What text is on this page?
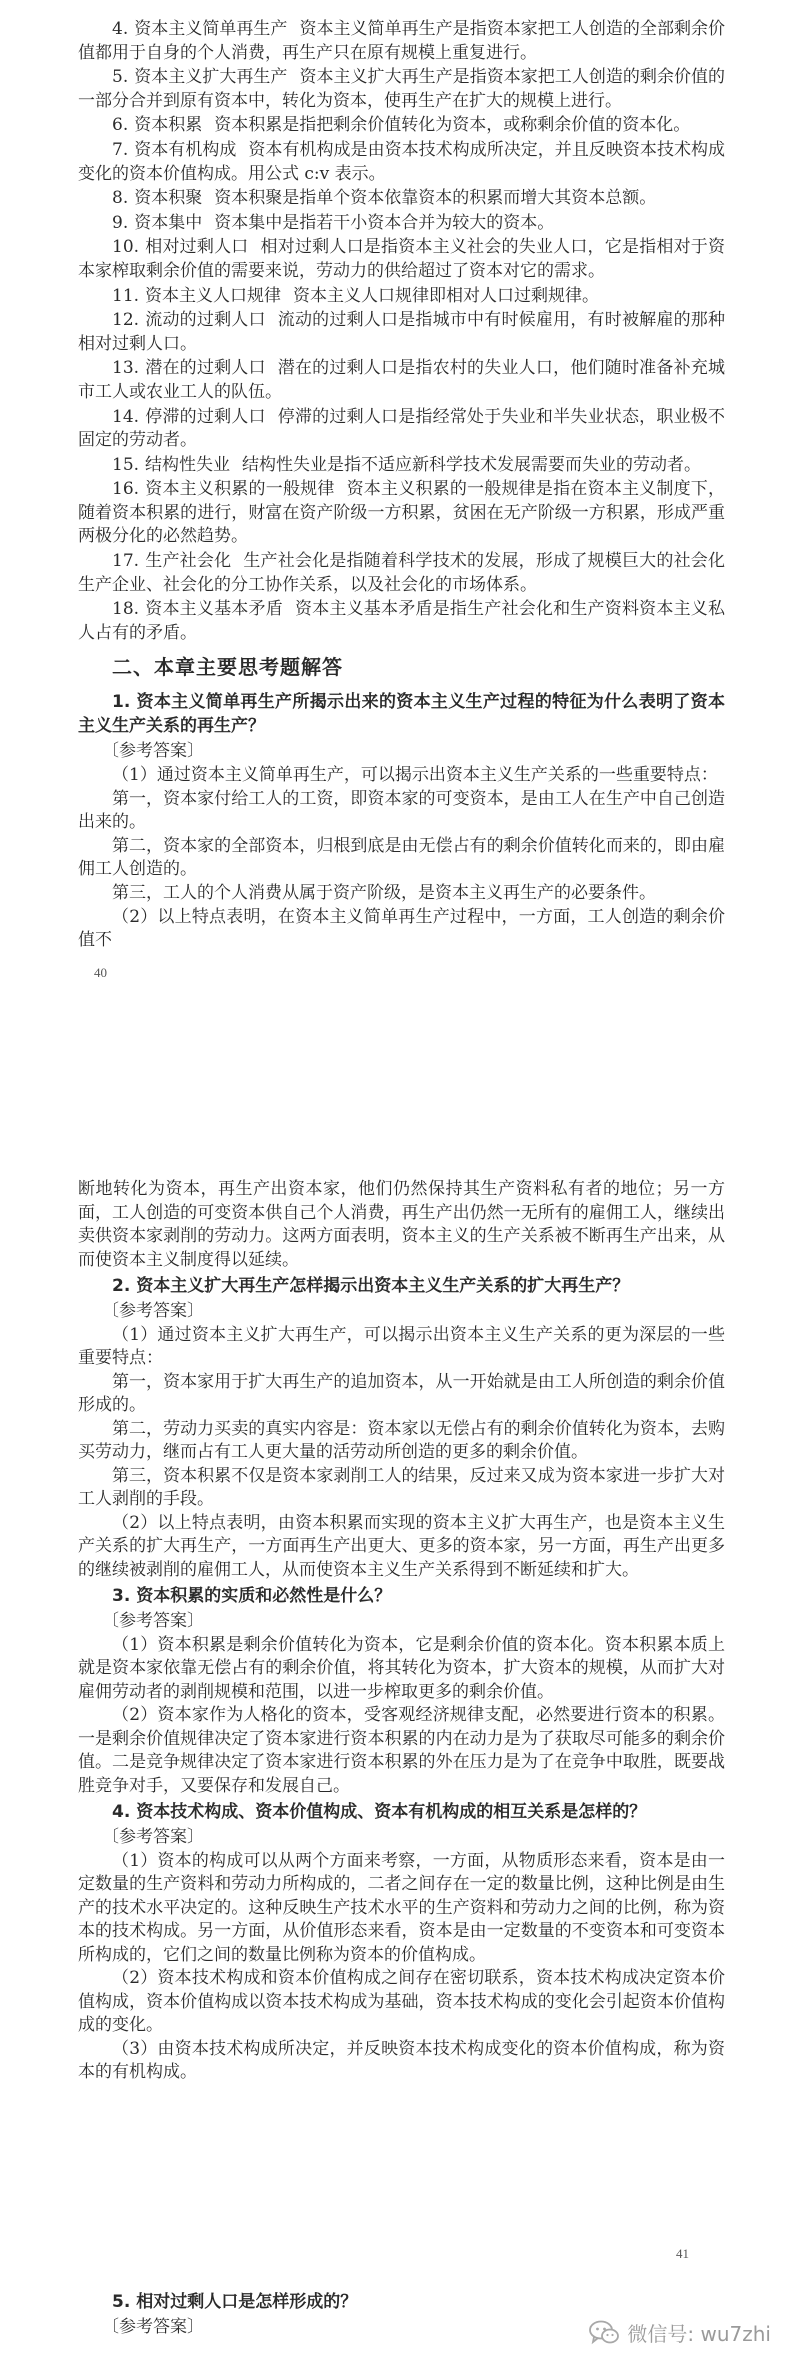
4. 资本主义简单再生产 资本主义简单再生产是指资本家把工人创造的全部剩余价值都用于自身的个人消费，再生产只在原有规模上重复进行。

5. 资本主义扩大再生产 资本主义扩大再生产是指资本家把工人创造的剩余价值的一部分合并到原有资本中，转化为资本，使再生产在扩大的规模上进行。

6. 资本积累 资本积累是指把剩余价值转化为资本，或称剩余价值的资本化。

7. 资本有机构成 资本有机构成是由资本技术构成所决定，并且反映资本技术构成变化的资本价值构成。用公式 c:v 表示。

8. 资本积聚 资本积聚是指单个资本依靠资本的积累而增大其资本总额。

9. 资本集中 资本集中是指若干小资本合并为较大的资本。

10. 相对过剩人口 相对过剩人口是指资本主义社会的失业人口，它是指相对于资本家榨取剩余价值的需要来说，劳动力的供给超过了资本对它的需求。

11. 资本主义人口规律 资本主义人口规律即相对人口过剩规律。

12. 流动的过剩人口 流动的过剩人口是指城市中有时候雇用，有时被解雇的那种相对过剩人口。

13. 潜在的过剩人口 潜在的过剩人口是指农村的失业人口，他们随时准备补充城市工人或农业工人的队伍。

14. 停滞的过剩人口 停滞的过剩人口是指经常处于失业和半失业状态，职业极不固定的劳动者。

15. 结构性失业 结构性失业是指不适应新科学技术发展需要而失业的劳动者。

16. 资本主义积累的一般规律 资本主义积累的一般规律是指在资本主义制度下，随着资本积累的进行，财富在资产阶级一方积累，贫困在无产阶级一方积累，形成严重两极分化的必然趋势。

17. 生产社会化 生产社会化是指随着科学技术的发展，形成了规模巨大的社会化生产企业、社会化的分工协作关系，以及社会化的市场体系。

18. 资本主义基本矛盾 资本主义基本矛盾是指生产社会化和生产资料资本主义私人占有的矛盾。

二、本章主要思考题解答
1. 资本主义简单再生产所揭示出来的资本主义生产过程的特征为什么表明了资本主义生产关系的再生产？

〔参考答案〕

（1）通过资本主义简单再生产，可以揭示出资本主义生产关系的一些重要特点：

第一，资本家付给工人的工资，即资本家的可变资本，是由工人在生产中自己创造出来的。

第二，资本家的全部资本，归根到底是由无偿占有的剩余价值转化而来的，即由雇佣工人创造的。

第三，工人的个人消费从属于资产阶级，是资本主义再生产的必要条件。

（2）以上特点表明，在资本主义简单再生产过程中，一方面，工人创造的剩余价值不

40

断地转化为资本，再生产出资本家，他们仍然保持其生产资料私有者的地位；另一方面，工人创造的可变资本供自己个人消费，再生产出仍然一无所有的雇佣工人，继续出卖供资本家剥削的劳动力。这两方面表明，资本主义的生产关系被不断再生产出来，从而使资本主义制度得以延续。

2. 资本主义扩大再生产怎样揭示出资本主义生产关系的扩大再生产？

〔参考答案〕

（1）通过资本主义扩大再生产，可以揭示出资本主义生产关系的更为深层的一些重要特点：

第一，资本家用于扩大再生产的追加资本，从一开始就是由工人所创造的剩余价值形成的。

第二，劳动力买卖的真实内容是：资本家以无偿占有的剩余价值转化为资本，去购买劳动力，继而占有工人更大量的活劳动所创造的更多的剩余价值。

第三，资本积累不仅是资本家剥削工人的结果，反过来又成为资本家进一步扩大对工人剥削的手段。

（2）以上特点表明，由资本积累而实现的资本主义扩大再生产，也是资本主义生产关系的扩大再生产，一方面再生产出更大、更多的资本家，另一方面，再生产出更多的继续被剥削的雇佣工人，从而使资本主义生产关系得到不断延续和扩大。

3. 资本积累的实质和必然性是什么？

〔参考答案〕

（1）资本积累是剩余价值转化为资本，它是剩余价值的资本化。资本积累本质上就是资本家依靠无偿占有的剩余价值，将其转化为资本，扩大资本的规模，从而扩大对雇佣劳动者的剥削规模和范围，以进一步榨取更多的剩余价值。

（2）资本家作为人格化的资本，受客观经济规律支配，必然要进行资本的积累。一是剩余价值规律决定了资本家进行资本积累的内在动力是为了获取尽可能多的剩余价值。二是竞争规律决定了资本家进行资本积累的外在压力是为了在竞争中取胜，既要战胜竞争对手，又要保存和发展自己。

4. 资本技术构成、资本价值构成、资本有机构成的相互关系是怎样的？

〔参考答案〕

（1）资本的构成可以从两个方面来考察，一方面，从物质形态来看，资本是由一定数量的生产资料和劳动力所构成的，二者之间存在一定的数量比例，这种比例是由生产的技术水平决定的。这种反映生产技术水平的生产资料和劳动力之间的比例，称为资本的技术构成。另一方面，从价值形态来看，资本是由一定数量的不变资本和可变资本所构成的，它们之间的数量比例称为资本的价值构成。

（2）资本技术构成和资本价值构成之间存在密切联系，资本技术构成决定资本价值构成，资本价值构成以资本技术构成为基础，资本技术构成的变化会引起资本价值构成的变化。

（3）由资本技术构成所决定，并反映资本技术构成变化的资本价值构成，称为资本的有机构成。

41
5. 相对过剩人口是怎样形成的？

〔参考答案〕	微信号: wu7zhi
